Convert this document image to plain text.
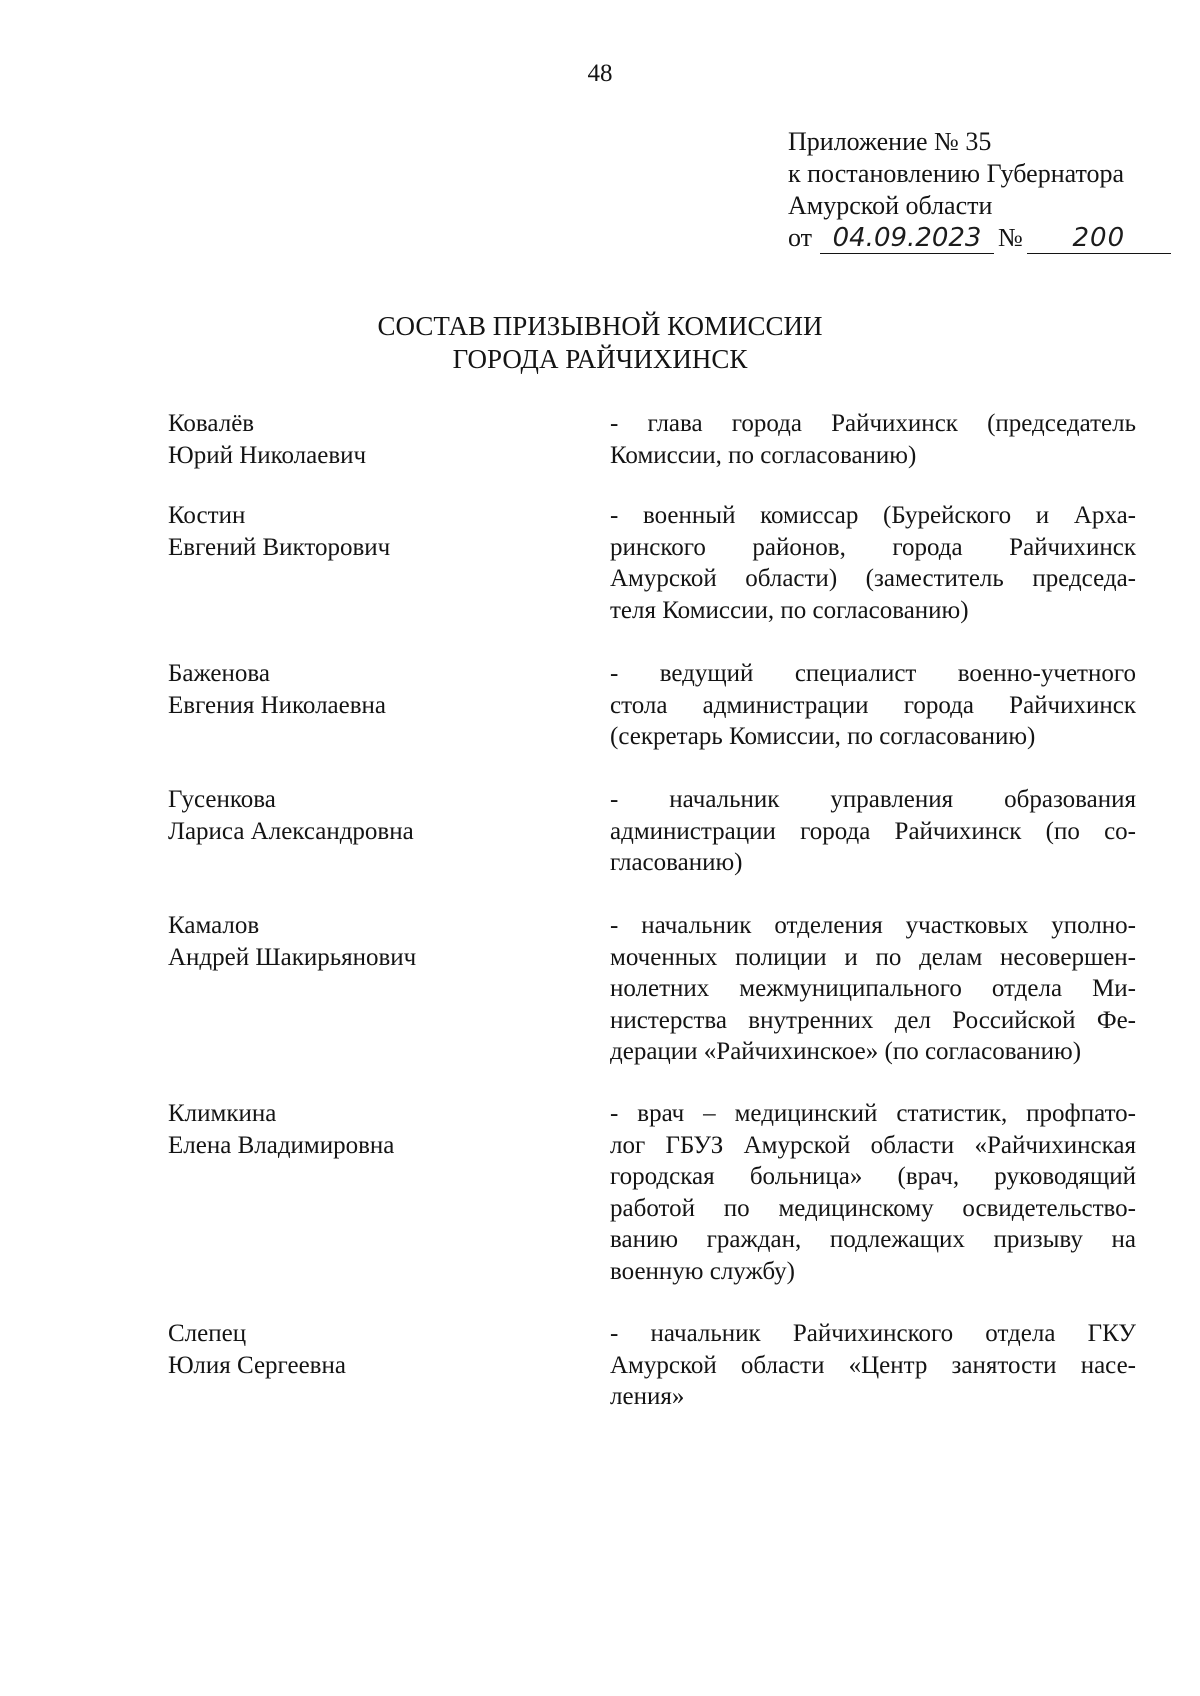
48
Приложение № 35
к постановлению Губернатора
Амурской области
от 04.09.2023 №	200
СОСТАВ ПРИЗЫВНОЙ КОМИССИИ
ГОРОДА РАЙЧИХИНСК
Ковалёв
Юрий Николаевич
- глава города Райчихинск (председатель
Комиссии, по согласованию)
Костин
Евгений Викторович
- военный комиссар (Бурейского и Арха-
ринского районов, города Райчихинск
Амурской области) (заместитель председа-
теля Комиссии, по согласованию)
Баженова
Евгения Николаевна
- ведущий специалист военно-учетного
стола администрации города Райчихинск
(секретарь Комиссии, по согласованию)
Гусенкова
Лариса Александровна
- начальник управления образования
администрации города Райчихинск (по со-
гласованию)
Камалов
Андрей Шакирьянович
- начальник отделения участковых уполно-
моченных полиции и по делам несовершен-
нолетних межмуниципального отдела Ми-
нистерства внутренних дел Российской Фе-
дерации «Райчихинское» (по согласованию)
Климкина
Елена Владимировна
- врач – медицинский статистик, профпато-
лог ГБУЗ Амурской области «Райчихинская
городская больница» (врач, руководящий
работой по медицинскому освидетельство-
ванию граждан, подлежащих призыву на
военную службу)
Слепец
Юлия Сергеевна
- начальник Райчихинского отдела ГКУ
Амурской области «Центр занятости насе-
ления»
